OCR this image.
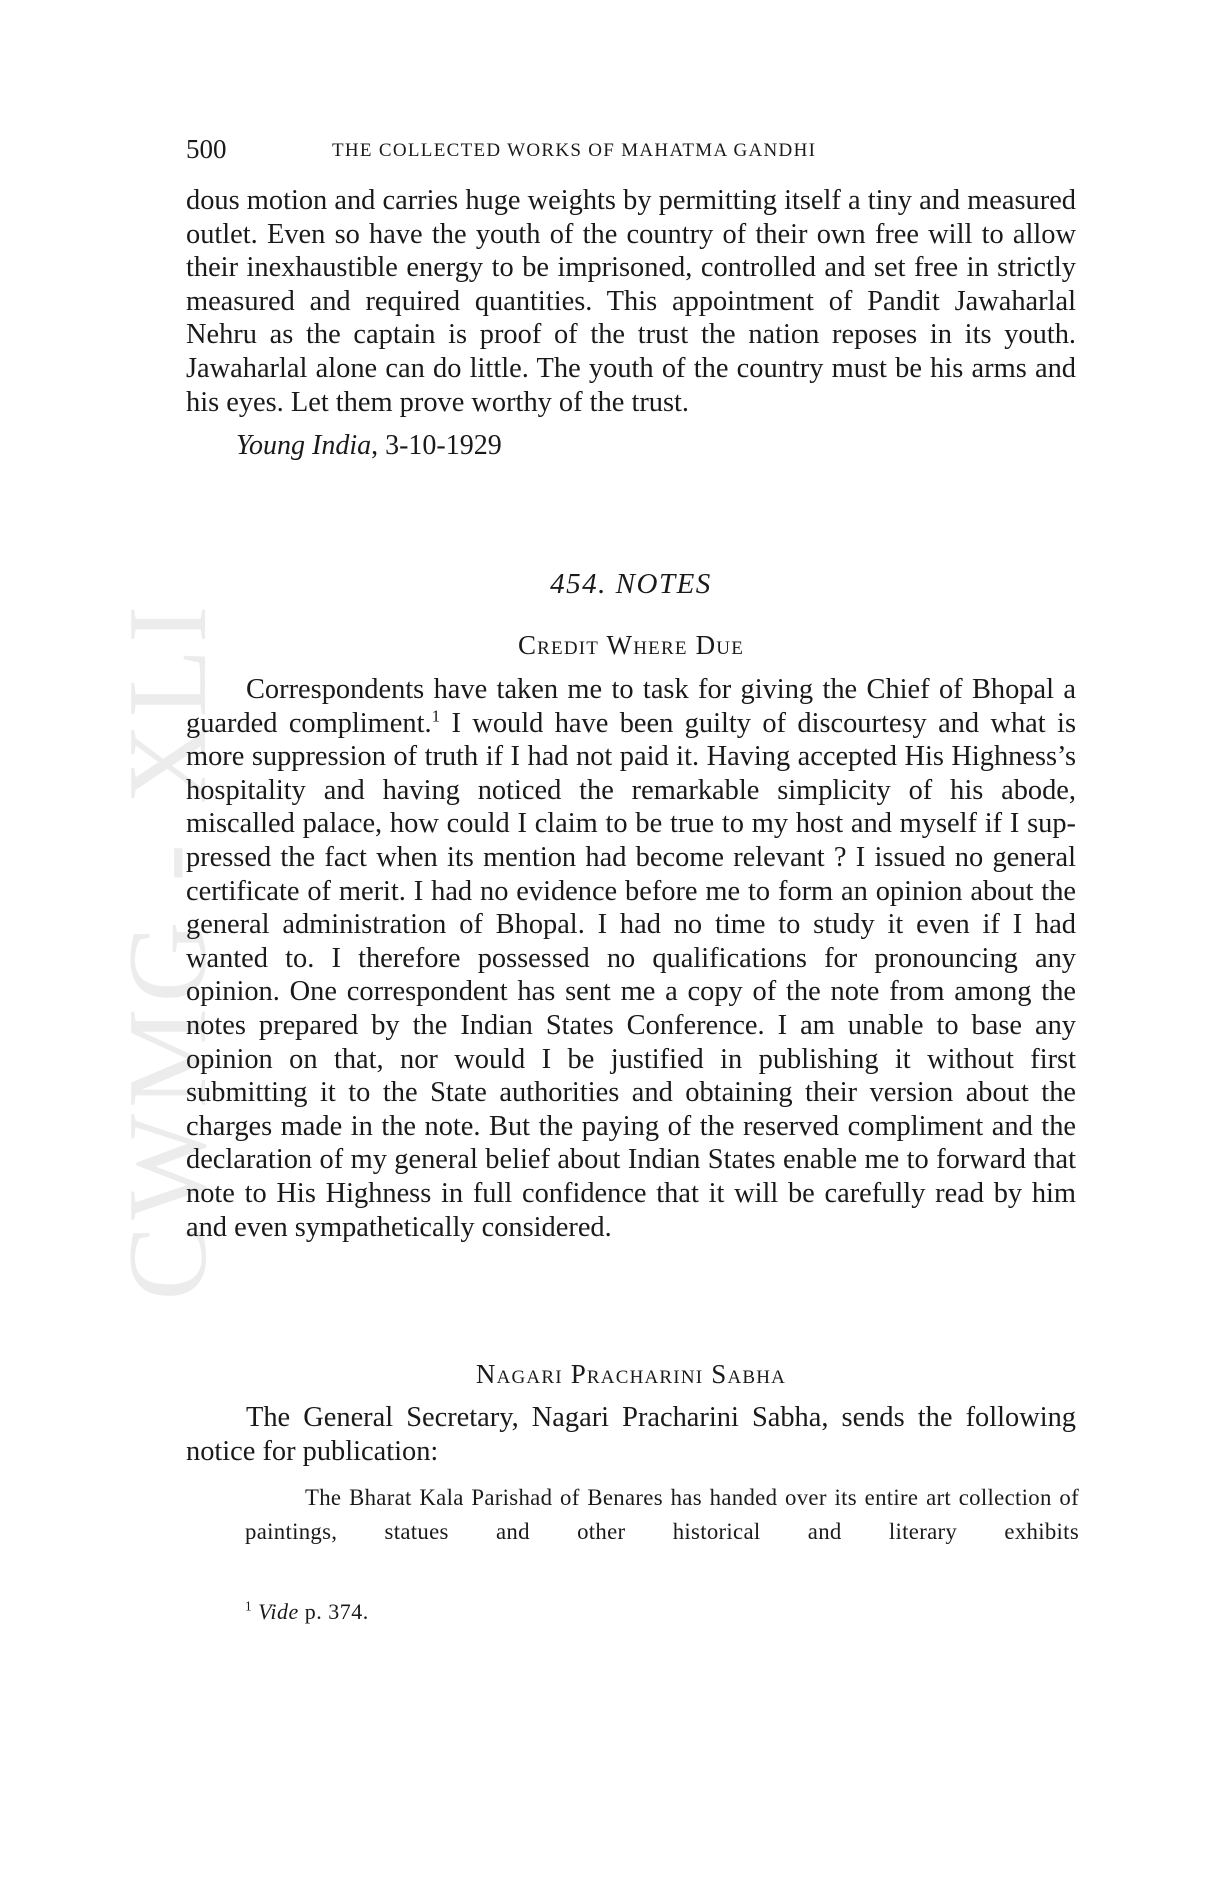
CWMG - XLI
500	THE COLLECTED WORKS OF MAHATMA GANDHI

dous motion and carries huge weights by permitting itself a tiny and measured outlet. Even so have the youth of the country of their own free will to allow their inexhaustible energy to be imprisoned, controlled and set free in strictly measured and required quantities. This appointment of Pandit Jawaharlal Nehru as the captain is proof of the trust the nation reposes in its youth. Jawaharlal alone can do little. The youth of the country must be his arms and his eyes. Let them prove worthy of the trust.

Young India, 3-10-1929

454. NOTES
Credit Where Due

Correspondents have taken me to task for giving the Chief of Bhopal a guarded compliment.$^1$ I would have been guilty of discourtesy and what is more suppression of truth if I had not paid it. Having accepted His Highness’s hospitality and having noticed the remarkable simplicity of his abode, miscalled palace, how could I claim to be true to my host and myself if I suppressed the fact when its mention had become relevant ? I issued no general certificate of merit. I had no evidence before me to form an opinion about the general administration of Bhopal. I had no time to study it even if I had wanted to. I therefore possessed no qualifications for pronouncing any opinion. One correspondent has sent me a copy of the note from among the notes prepared by the Indian States Conference. I am unable to base any opinion on that, nor would I be justified in publishing it without first submitting it to the State authorities and obtaining their version about the charges made in the note. But the paying of the reserved compliment and the declaration of my general belief about Indian States enable me to forward that note to His Highness in full confidence that it will be carefully read by him and even sympathetically considered.

Nagari Pracharini Sabha

The General Secretary, Nagari Pracharini Sabha, sends the following notice for publication:

The Bharat Kala Parishad of Benares has handed over its entire art collection of paintings, statues and other historical and literary exhibits

$^1$ Vide p. 374.
